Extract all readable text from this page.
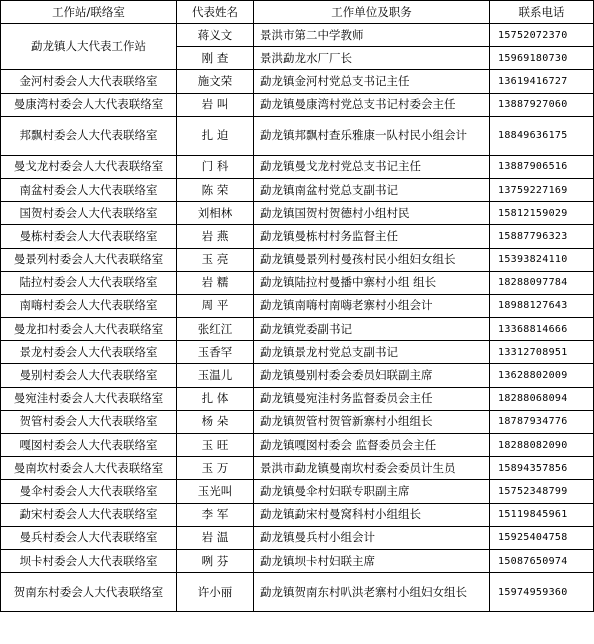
工作站/联络室	代表姓名	工作单位及职务	联系电话
勐龙镇人大代表工作站	蒋义文	景洪市第二中学教师	15752072370
	刚 查	景洪勐龙水厂厂长	15969180730
金河村委会人大代表联络室	施文荣	勐龙镇金河村党总支书记主任	13619416727
曼康湾村委会人大代表联络室	岩 叫	勐龙镇曼康湾村党总支书记村委会主任	13887927060
邦飘村委会人大代表联络室	扎 迫	勐龙镇邦飘村查乐雅康一队村民小组会计	18849636175
曼戈龙村委会人大代表联络室	门 科	勐龙镇曼戈龙村党总支书记主任	13887906516
南盆村委会人大代表联络室	陈 荣	勐龙镇南盆村党总支副书记	13759227169
国贺村委会人大代表联络室	刘相林	勐龙镇国贺村贺德村小组村民	15812159029
曼栋村委会人大代表联络室	岩 燕	勐龙镇曼栋村村务监督主任	15887796323
曼景列村委会人大代表联络室	玉 亮	勐龙镇曼景列村曼孩村民小组妇女组长	15393824110
陆拉村委会人大代表联络室	岩 糯	勐龙镇陆拉村曼播中寨村小组 组长	18288097784
南嗨村委会人大代表联络室	周 平	勐龙镇南嗨村南嗨老寨村小组会计	18988127643
曼龙扣村委会人大代表联络室	张红江	勐龙镇党委副书记	13368814666
景龙村委会人大代表联络室	玉香罕	勐龙镇景龙村党总支副书记	13312708951
曼别村委会人大代表联络室	玉温儿	勐龙镇曼别村委会委员妇联副主席	13628802009
曼宛洼村委会人大代表联络室	扎 体	勐龙镇曼宛洼村务监督委员会主任	18288068094
贺管村委会人大代表联络室	杨 朵	勐龙镇贺管村贺管新寨村小组组长	18787934776
嘎囡村委会人大代表联络室	玉 旺	勐龙镇嘎囡村委会 监督委员会主任	18288082090
曼南坎村委会人大代表联络室	玉 万	景洪市勐龙镇曼南坎村委会委员计生员	15894357856
曼伞村委会人大代表联络室	玉光叫	勐龙镇曼伞村妇联专职副主席	15752348799
勐宋村委会人大代表联络室	李 军	勐龙镇勐宋村曼窝科村小组组长	15119845961
曼兵村委会人大代表联络室	岩 温	勐龙镇曼兵村小组会计	15925404758
坝卡村委会人大代表联络室	咧 芬	勐龙镇坝卡村妇联主席	15087650974
贺南东村委会人大代表联络室	许小丽	勐龙镇贺南东村叭洪老寨村小组妇女组长	15974959360
